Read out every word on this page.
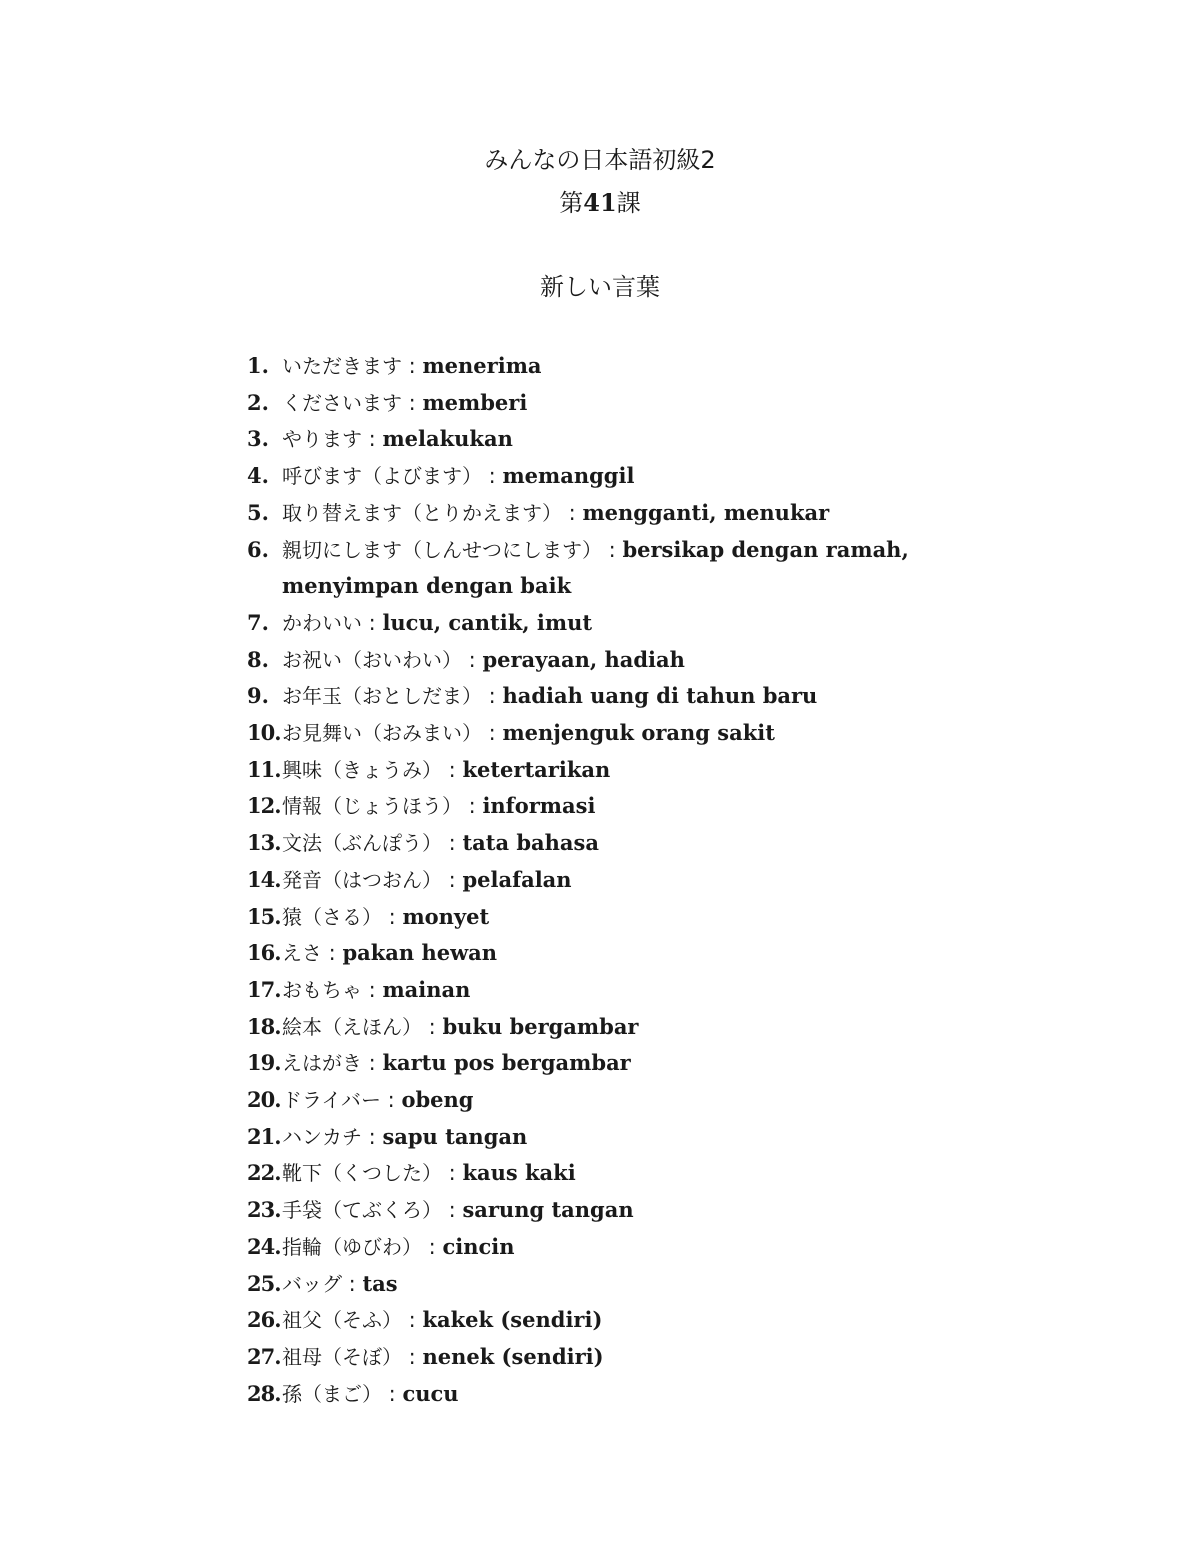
みんなの日本語初級2
第41課
新しい言葉
1. いただきます : menerima
2. くださいます : memberi
3. やります : melakukan
4. 呼びます（よびます） : memanggil
5. 取り替えます（とりかえます） : mengganti, menukar
6. 親切にします（しんせつにします） : bersikap dengan ramah, menyimpan dengan baik
7. かわいい : lucu, cantik, imut
8. お祝い（おいわい） : perayaan, hadiah
9. お年玉（おとしだま） : hadiah uang di tahun baru
10. お見舞い（おみまい） : menjenguk orang sakit
11. 興味（きょうみ） : ketertarikan
12. 情報（じょうほう） : informasi
13. 文法（ぶんぽう） : tata bahasa
14. 発音（はつおん） : pelafalan
15. 猿（さる） : monyet
16. えさ : pakan hewan
17. おもちゃ : mainan
18. 絵本（えほん） : buku bergambar
19. えはがき : kartu pos bergambar
20. ドライバー : obeng
21. ハンカチ : sapu tangan
22. 靴下（くつした） : kaus kaki
23. 手袋（てぶくろ） : sarung tangan
24. 指輪（ゆびわ） : cincin
25. バッグ : tas
26. 祖父（そふ） : kakek (sendiri)
27. 祖母（そぼ） : nenek (sendiri)
28. 孫（まご） : cucu
